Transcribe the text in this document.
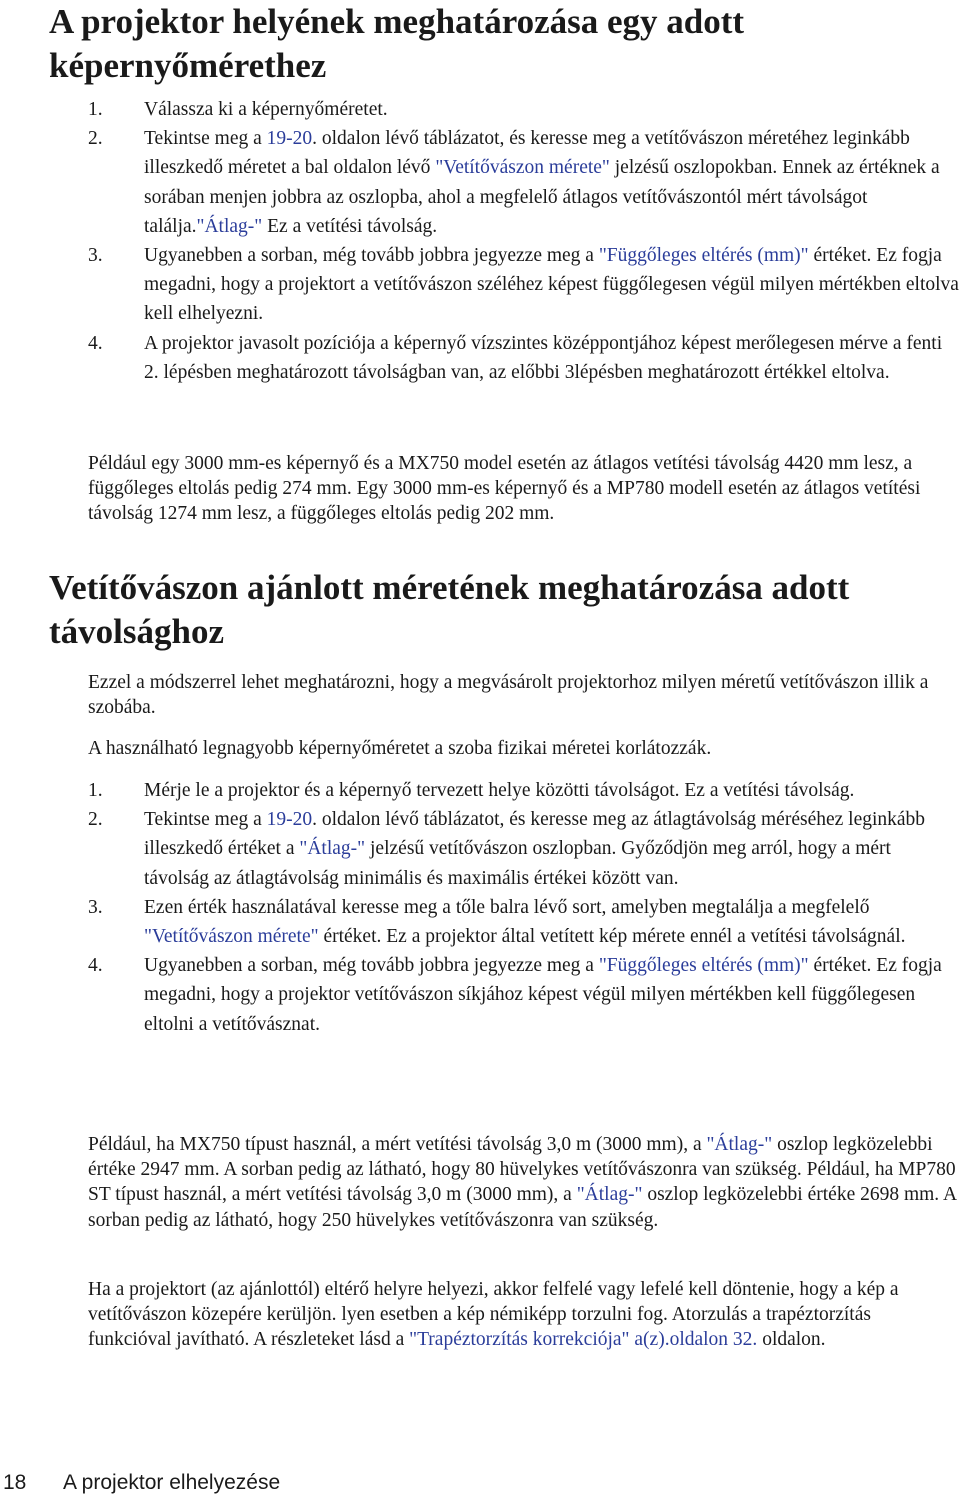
A projektor helyének meghatározása egy adott képernyőmérethez
1. Válassza ki a képernyőméretet.
2. Tekintse meg a 19-20. oldalon lévő táblázatot, és keresse meg a vetítővászon méretéhez leginkább illeszkedő méretet a bal oldalon lévő "Vetítővászon mérete" jelzésű oszlopokban. Ennek az értéknek a sorában menjen jobbra az oszlopba, ahol a megfelelő átlagos vetítővászontól mért távolságot találja."Átlag-" Ez a vetítési távolság.
3. Ugyanebben a sorban, még tovább jobbra jegyezze meg a "Függőleges eltérés (mm)" értéket. Ez fogja megadni, hogy a projektort a vetítővászon széléhez képest függőlegesen végül milyen mértékben eltolva kell elhelyezni.
4. A projektor javasolt pozíciója a képernyő vízszintes középpontjához képest merőlegesen mérve a fenti 2. lépésben meghatározott távolságban van, az előbbi 3lépésben meghatározott értékkel eltolva.

Például egy 3000 mm-es képernyő és a MX750 model esetén az átlagos vetítési távolság 4420 mm lesz, a függőleges eltolás pedig 274 mm. Egy 3000 mm-es képernyő és a MP780 modell esetén az átlagos vetítési távolság 1274 mm lesz, a függőleges eltolás pedig 202 mm.

Vetítővászon ajánlott méretének meghatározása adott távolsághoz

Ezzel a módszerrel lehet meghatározni, hogy a megvásárolt projektorhoz milyen méretű vetítővászon illik a szobába.

A használható legnagyobb képernyőméretet a szoba fizikai méretei korlátozzák.

1. Mérje le a projektor és a képernyő tervezett helye közötti távolságot. Ez a vetítési távolság.
2. Tekintse meg a 19-20. oldalon lévő táblázatot, és keresse meg az átlagtávolság méréséhez leginkább illeszkedő értéket a "Átlag-" jelzésű vetítővászon oszlopban. Győződjön meg arról, hogy a mért távolság az átlagtávolság minimális és maximális értékei között van.
3. Ezen érték használatával keresse meg a tőle balra lévő sort, amelyben megtalálja a megfelelő "Vetítővászon mérete" értéket. Ez a projektor által vetített kép mérete ennél a vetítési távolságnál.
4. Ugyanebben a sorban, még tovább jobbra jegyezze meg a "Függőleges eltérés (mm)" értéket. Ez fogja megadni, hogy a projektor vetítővászon síkjához képest végül milyen mértékben kell függőlegesen eltolni a vetítővásznat.

Például, ha MX750 típust használ, a mért vetítési távolság 3,0 m (3000 mm), a "Átlag-" oszlop legközelebbi értéke 2947 mm. A sorban pedig az látható, hogy 80 hüvelykes vetítővászonra van szükség. Például, ha MP780 ST típust használ, a mért vetítési távolság 3,0 m (3000 mm), a "Átlag-" oszlop legközelebbi értéke 2698 mm. A sorban pedig az látható, hogy 250 hüvelykes vetítővászonra van szükség.

Ha a projektort (az ajánlottól) eltérő helyre helyezi, akkor felfelé vagy lefelé kell döntenie, hogy a kép a vetítővászon közepére kerüljön. lyen esetben a kép némiképp torzulni fog. Atorzulás a trapéztorzítás funkcióval javítható. A részleteket lásd a "Trapéztorzítás korrekciója" a(z).oldalon 32. oldalon.

18 A projektor elhelyezése
